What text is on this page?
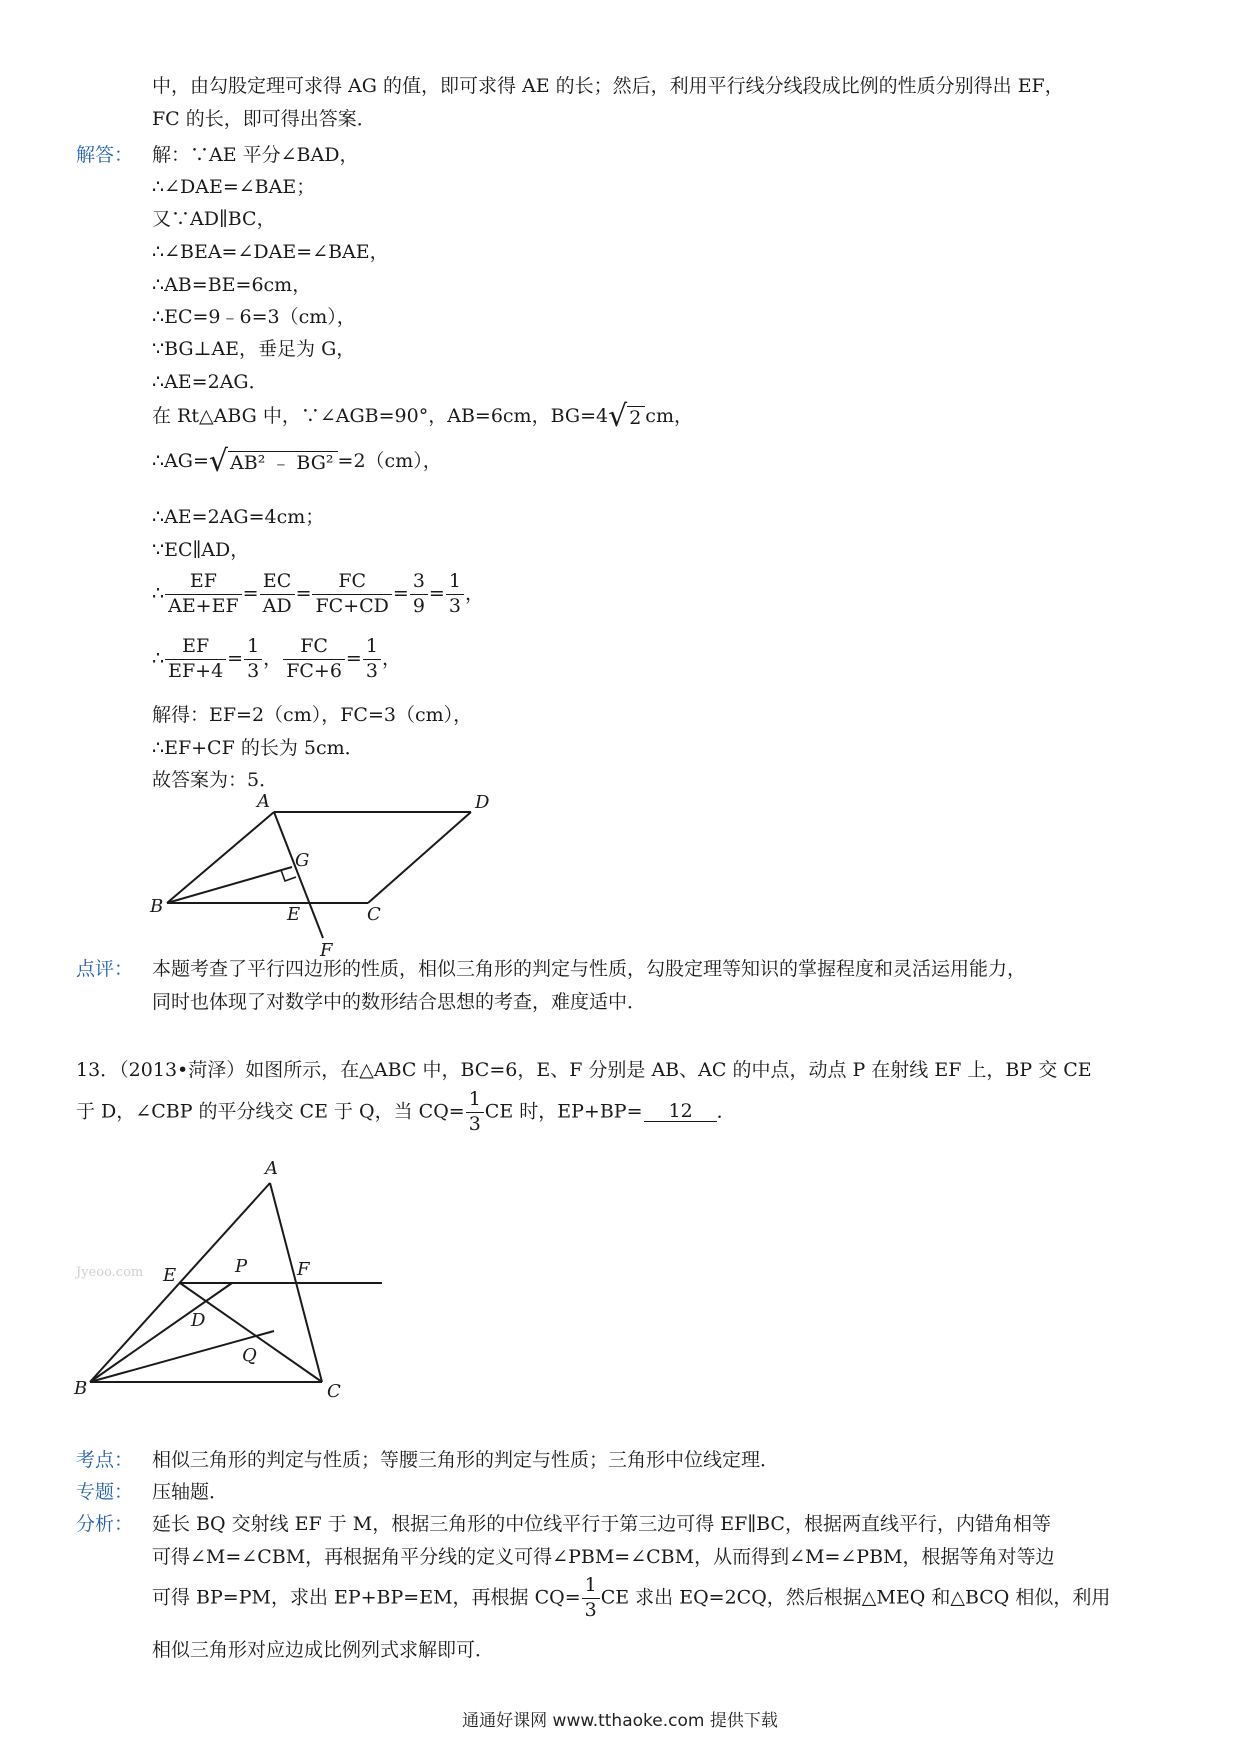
中，由勾股定理可求得 AG 的值，即可求得 AE 的长；然后，利用平行线分线段成比例的性质分别得出 EF，
FC 的长，即可得出答案．
解答： 解：∵AE 平分∠BAD，
∴∠DAE=∠BAE；
又∵AD∥BC，
∴∠BEA=∠DAE=∠BAE，
∴AB=BE=6cm，
∴EC=9﹣6=3（cm），
∵BG⊥AE，垂足为 G，
∴AE=2AG．
在 Rt△ABG 中，∵∠AGB=90°，AB=6cm，BG=4√ 2 cm，
∴AG=√ AB² ﹣ BG² =2（cm），
∴AE=2AG=4cm；
∵EC∥AD，
∴ $\frac{EF}{AE+EF} = \frac{EC}{AD} = \frac{FC}{FC+CD} = \frac{3}{9} = \frac{1}{3}$ ，
∴ $\frac{EF}{EF+4} = \frac{1}{3}$ ， $\frac{FC}{FC+6} = \frac{1}{3}$ ，
解得：EF=2（cm），FC=3（cm），
∴EF+CF 的长为 5cm．
故答案为：5．
A	D
G
B	E	C
F
点评： 本题考查了平行四边形的性质，相似三角形的判定与性质，勾股定理等知识的掌握程度和灵活运用能力，
同时也体现了对数学中的数形结合思想的考查，难度适中．
13．（2013•菏泽）如图所示，在△ABC 中，BC=6，E、F 分别是 AB、AC 的中点，动点 P 在射线 EF 上，BP 交 CE
于 D，∠CBP 的平分线交 CE 于 Q，当 $CQ= \frac{1}{3}$ CE 时，EP+BP= 12 ．
Jyeoo.com
A
E	P	F
D
Q
B	C
考点： 相似三角形的判定与性质；等腰三角形的判定与性质；三角形中位线定理．
专题： 压轴题．
分析： 延长 BQ 交射线 EF 于 M，根据三角形的中位线平行于第三边可得 EF∥BC，根据两直线平行，内错角相等
可得∠M=∠CBM，再根据角平分线的定义可得∠PBM=∠CBM，从而得到∠M=∠PBM，根据等角对等边
可得 BP=PM，求出 EP+BP=EM，再根据 $CQ= \frac{1}{3}$ CE 求出 EQ=2CQ，然后根据△MEQ 和△BCQ 相似，利用
相似三角形对应边成比例列式求解即可．
通通好课网 www.tthaoke.com 提供下载
